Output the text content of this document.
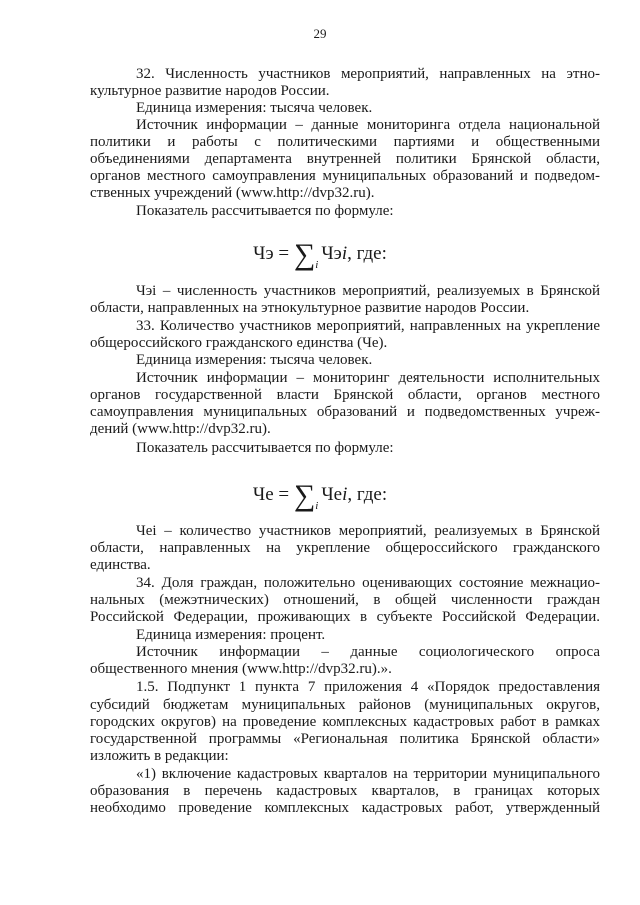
29
32. Численность участников мероприятий, направленных на этно-
культурное развитие народов России.
Единица измерения: тысяча человек.
Источник информации – данные мониторинга отдела национальной
политики и работы с политическими партиями и общественными
объединениями департамента внутренней политики Брянской области,
органов местного самоуправления муниципальных образований и подведом-
ственных учреждений (www.http://dvp32.ru).
Показатель рассчитывается по формуле:
Чэi – численность участников мероприятий, реализуемых в Брянской
области, направленных на этнокультурное развитие народов России.
33. Количество участников мероприятий, направленных на укрепление
общероссийского гражданского единства (Че).
Единица измерения: тысяча человек.
Источник информации – мониторинг деятельности исполнительных
органов государственной власти Брянской области, органов местного
самоуправления муниципальных образований и подведомственных учреж-
дений (www.http://dvp32.ru).
Показатель рассчитывается по формуле:
Чеi – количество участников мероприятий, реализуемых в Брянской
области, направленных на укрепление общероссийского гражданского
единства.
34. Доля граждан, положительно оценивающих состояние межнацио-
нальных (межэтнических) отношений, в общей численности граждан
Российской Федерации, проживающих в субъекте Российской Федерации.
Единица измерения: процент.
Источник информации – данные социологического опроса
общественного мнения (www.http://dvp32.ru).».
1.5. Подпункт 1 пункта 7 приложения 4 «Порядок предоставления
субсидий бюджетам муниципальных районов (муниципальных округов,
городских округов) на проведение комплексных кадастровых работ в рамках
государственной программы «Региональная политика Брянской области»
изложить в редакции:
«1) включение кадастровых кварталов на территории муниципального
образования в перечень кадастровых кварталов, в границах которых
необходимо проведение комплексных кадастровых работ, утвержденный
Чэ = $\sum_iЧэi$, где:
Че = $\sum_iЧеi$, где:
